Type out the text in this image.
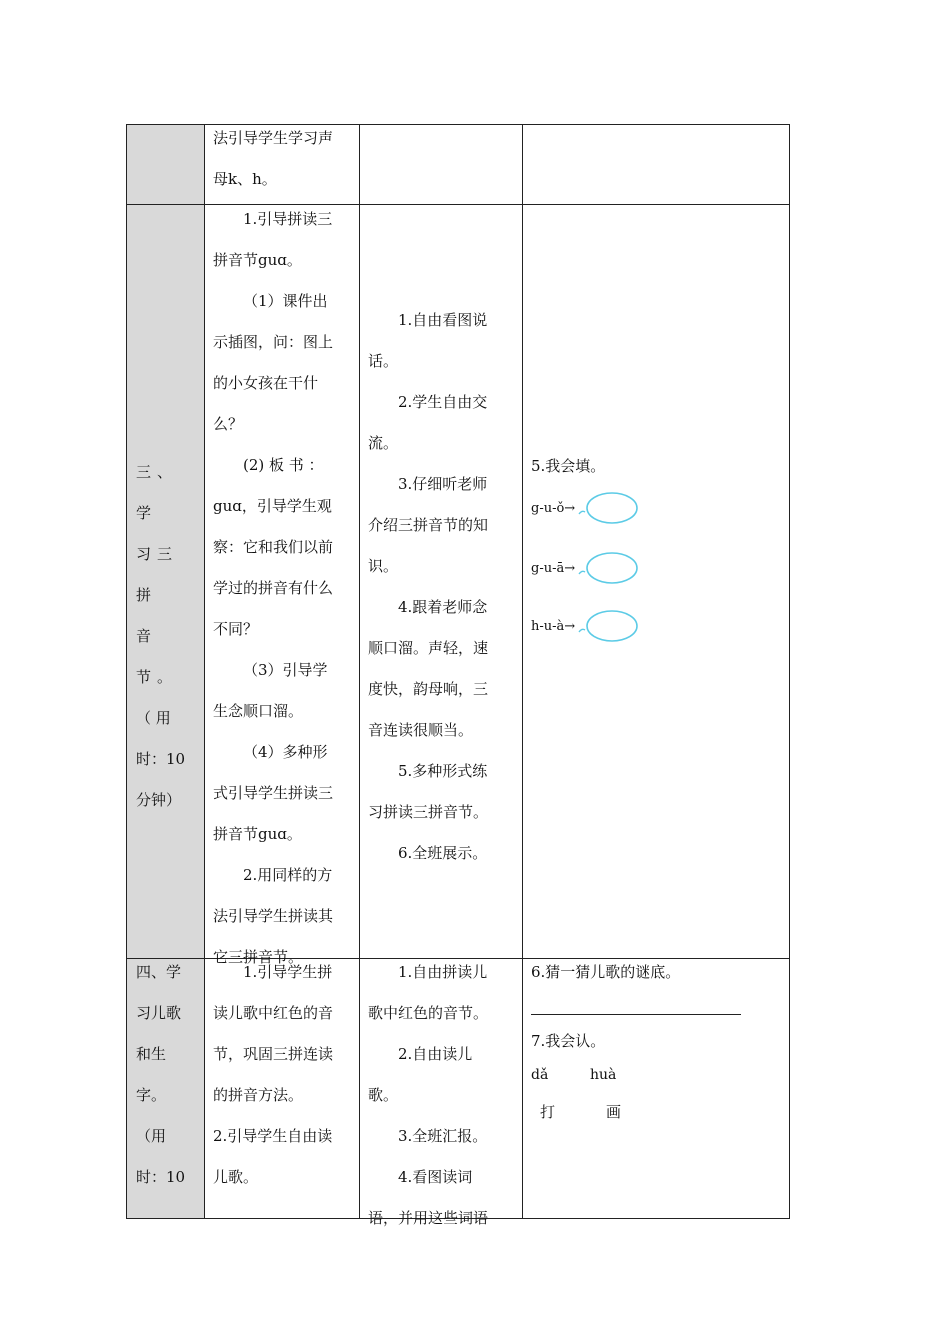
法引导学生学习声

母k、h。

三、学

习三拼

音节。

（ 用

时：10

分钟）

1.引导拼读三

拼音节guɑ。

（1）课件出

示插图，问：图上

的小女孩在干什

么？

(2) 板 书 ：

guɑ，引导学生观

察：它和我们以前

学过的拼音有什么

不同？

（3）引导学

生念顺口溜。

（4）多种形

式引导学生拼读三

拼音节guɑ。

2.用同样的方

法引导学生拼读其

它三拼音节。

1.自由看图说

话。

2.学生自由交

流。

3.仔细听老师

介绍三拼音节的知

识。

4.跟着老师念

顺口溜。声轻，速

度快，韵母响，三

音连读很顺当。

5.多种形式练

习拼读三拼音节。

6.全班展示。

5.我会填。
g-u-ǒ→
g-u-ā→
h-u-à→

四、学

习儿歌

和生

字。

（用

时：10

1.引导学生拼

读儿歌中红色的音

节，巩固三拼连读

的拼音方法。

2.引导学生自由读

儿歌。

1.自由拼读儿

歌中红色的音节。

2.自由读儿

歌。

3.全班汇报。

4.看图读词

语，并用这些词语

6.猜一猜儿歌的谜底。
7.我会认。
dǎ	huà
打	画
